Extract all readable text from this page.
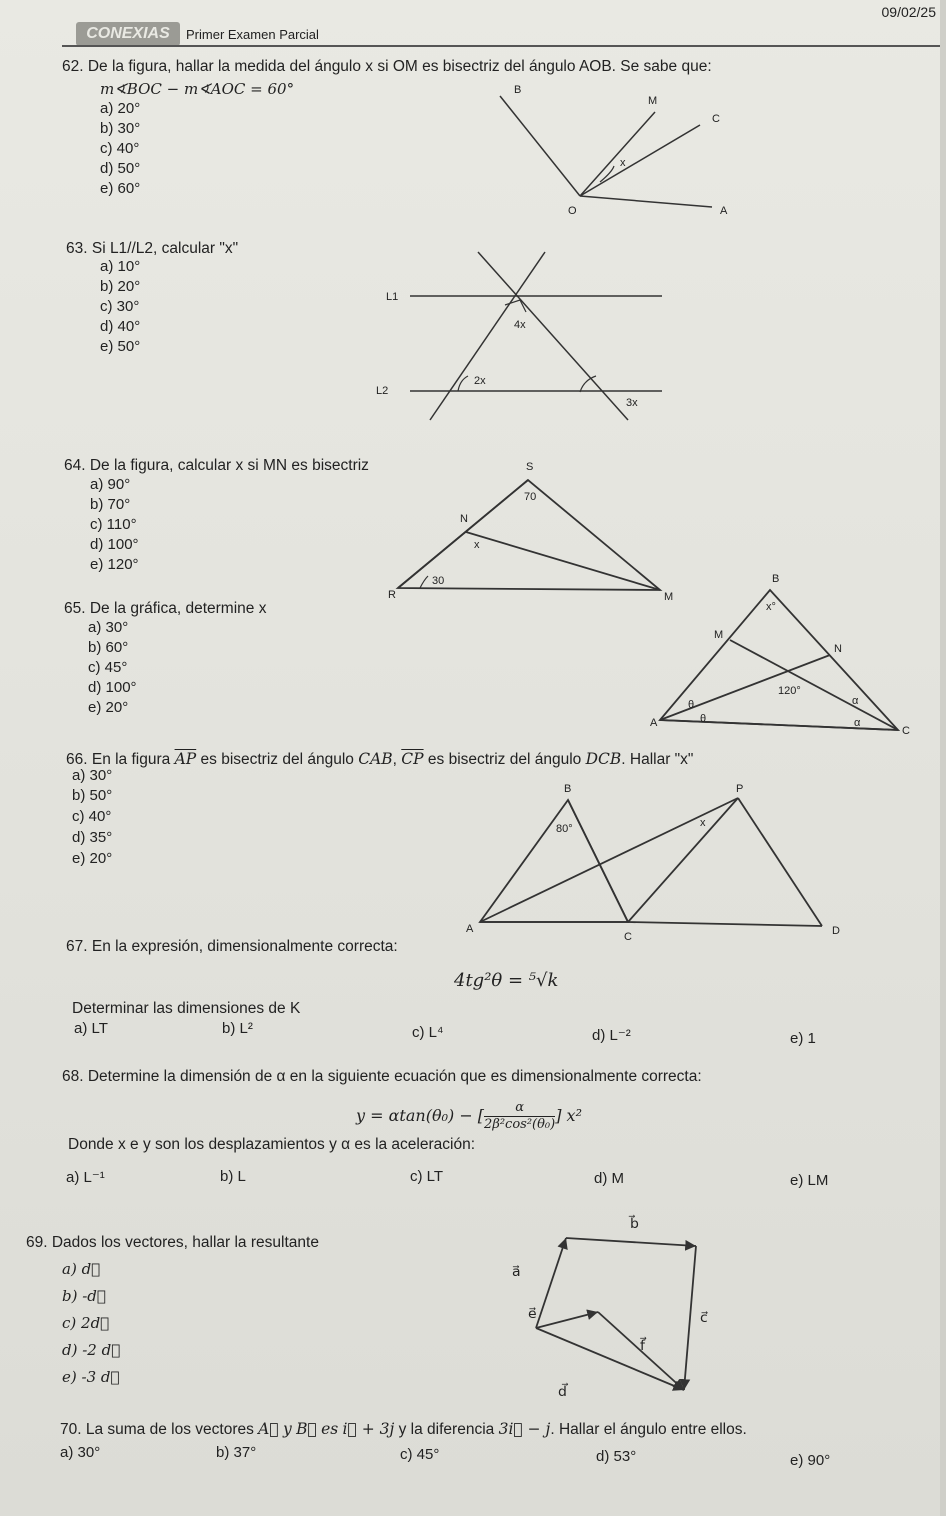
09/02/25
CONEXIAS	Primer Examen Parcial
62. De la figura, hallar la medida del ángulo x si OM es bisectriz del ángulo AOB. Se sabe que:
m∢BOC − m∢AOC = 60°
a) 20°
b) 30°
c) 40°
d) 50°
e) 60°
B
M
C
x
O	A
63. Si L1//L2, calcular "x"
a) 10°
b) 20°
c) 30°
d) 40°
e) 50°
L1
4x
L2
2x
3x
64. De la figura, calcular x si MN es bisectriz
a) 90°
b) 70°
c) 110°
d) 100°
e) 120°
S
70
N
x
30
R	M
65. De la gráfica, determine x
a) 30°
b) 60°
c) 45°
d) 100°
e) 20°
B
x°
M
N
120°
θ
θ
α
α
A
C
66. En la figura $\overline{AP}$ es bisectriz del ángulo CAB, $\overline{CP}$ es bisectriz del ángulo DCB. Hallar "x"
a) 30°
b) 50°
c) 40°
d) 35°
e) 20°
B	P
80°	x
A
C	D
67. En la expresión, dimensionalmente correcta:
4tg²θ = ⁵√k
Determinar las dimensiones de K
a) LT	b) L²	c) L⁴	d) L⁻²	e) 1
68. Determine la dimensión de α en la siguiente ecuación que es dimensionalmente correcta:
y = αtan(θ₀) − [ $\frac{\alpha}{\text{2β²cos²(θ₀)}}$ ] x²
Donde x e y son los desplazamientos y α es la aceleración:
a) L⁻¹	b) L	c) LT	d) M	e) LM
69. Dados los vectores, hallar la resultante
a) d⃗
b) -d⃗
c) 2d⃗
d) -2 d⃗
e) -3 d⃗
b⃗
a⃗
e⃗	c⃗
f⃗
d⃗
70. La suma de los vectores A⃗ y B⃗ es i⃗ + 3j y la diferencia 3i⃗ − j. Hallar el ángulo entre ellos.
a) 30°	b) 37°	c) 45°	d) 53°	e) 90°
